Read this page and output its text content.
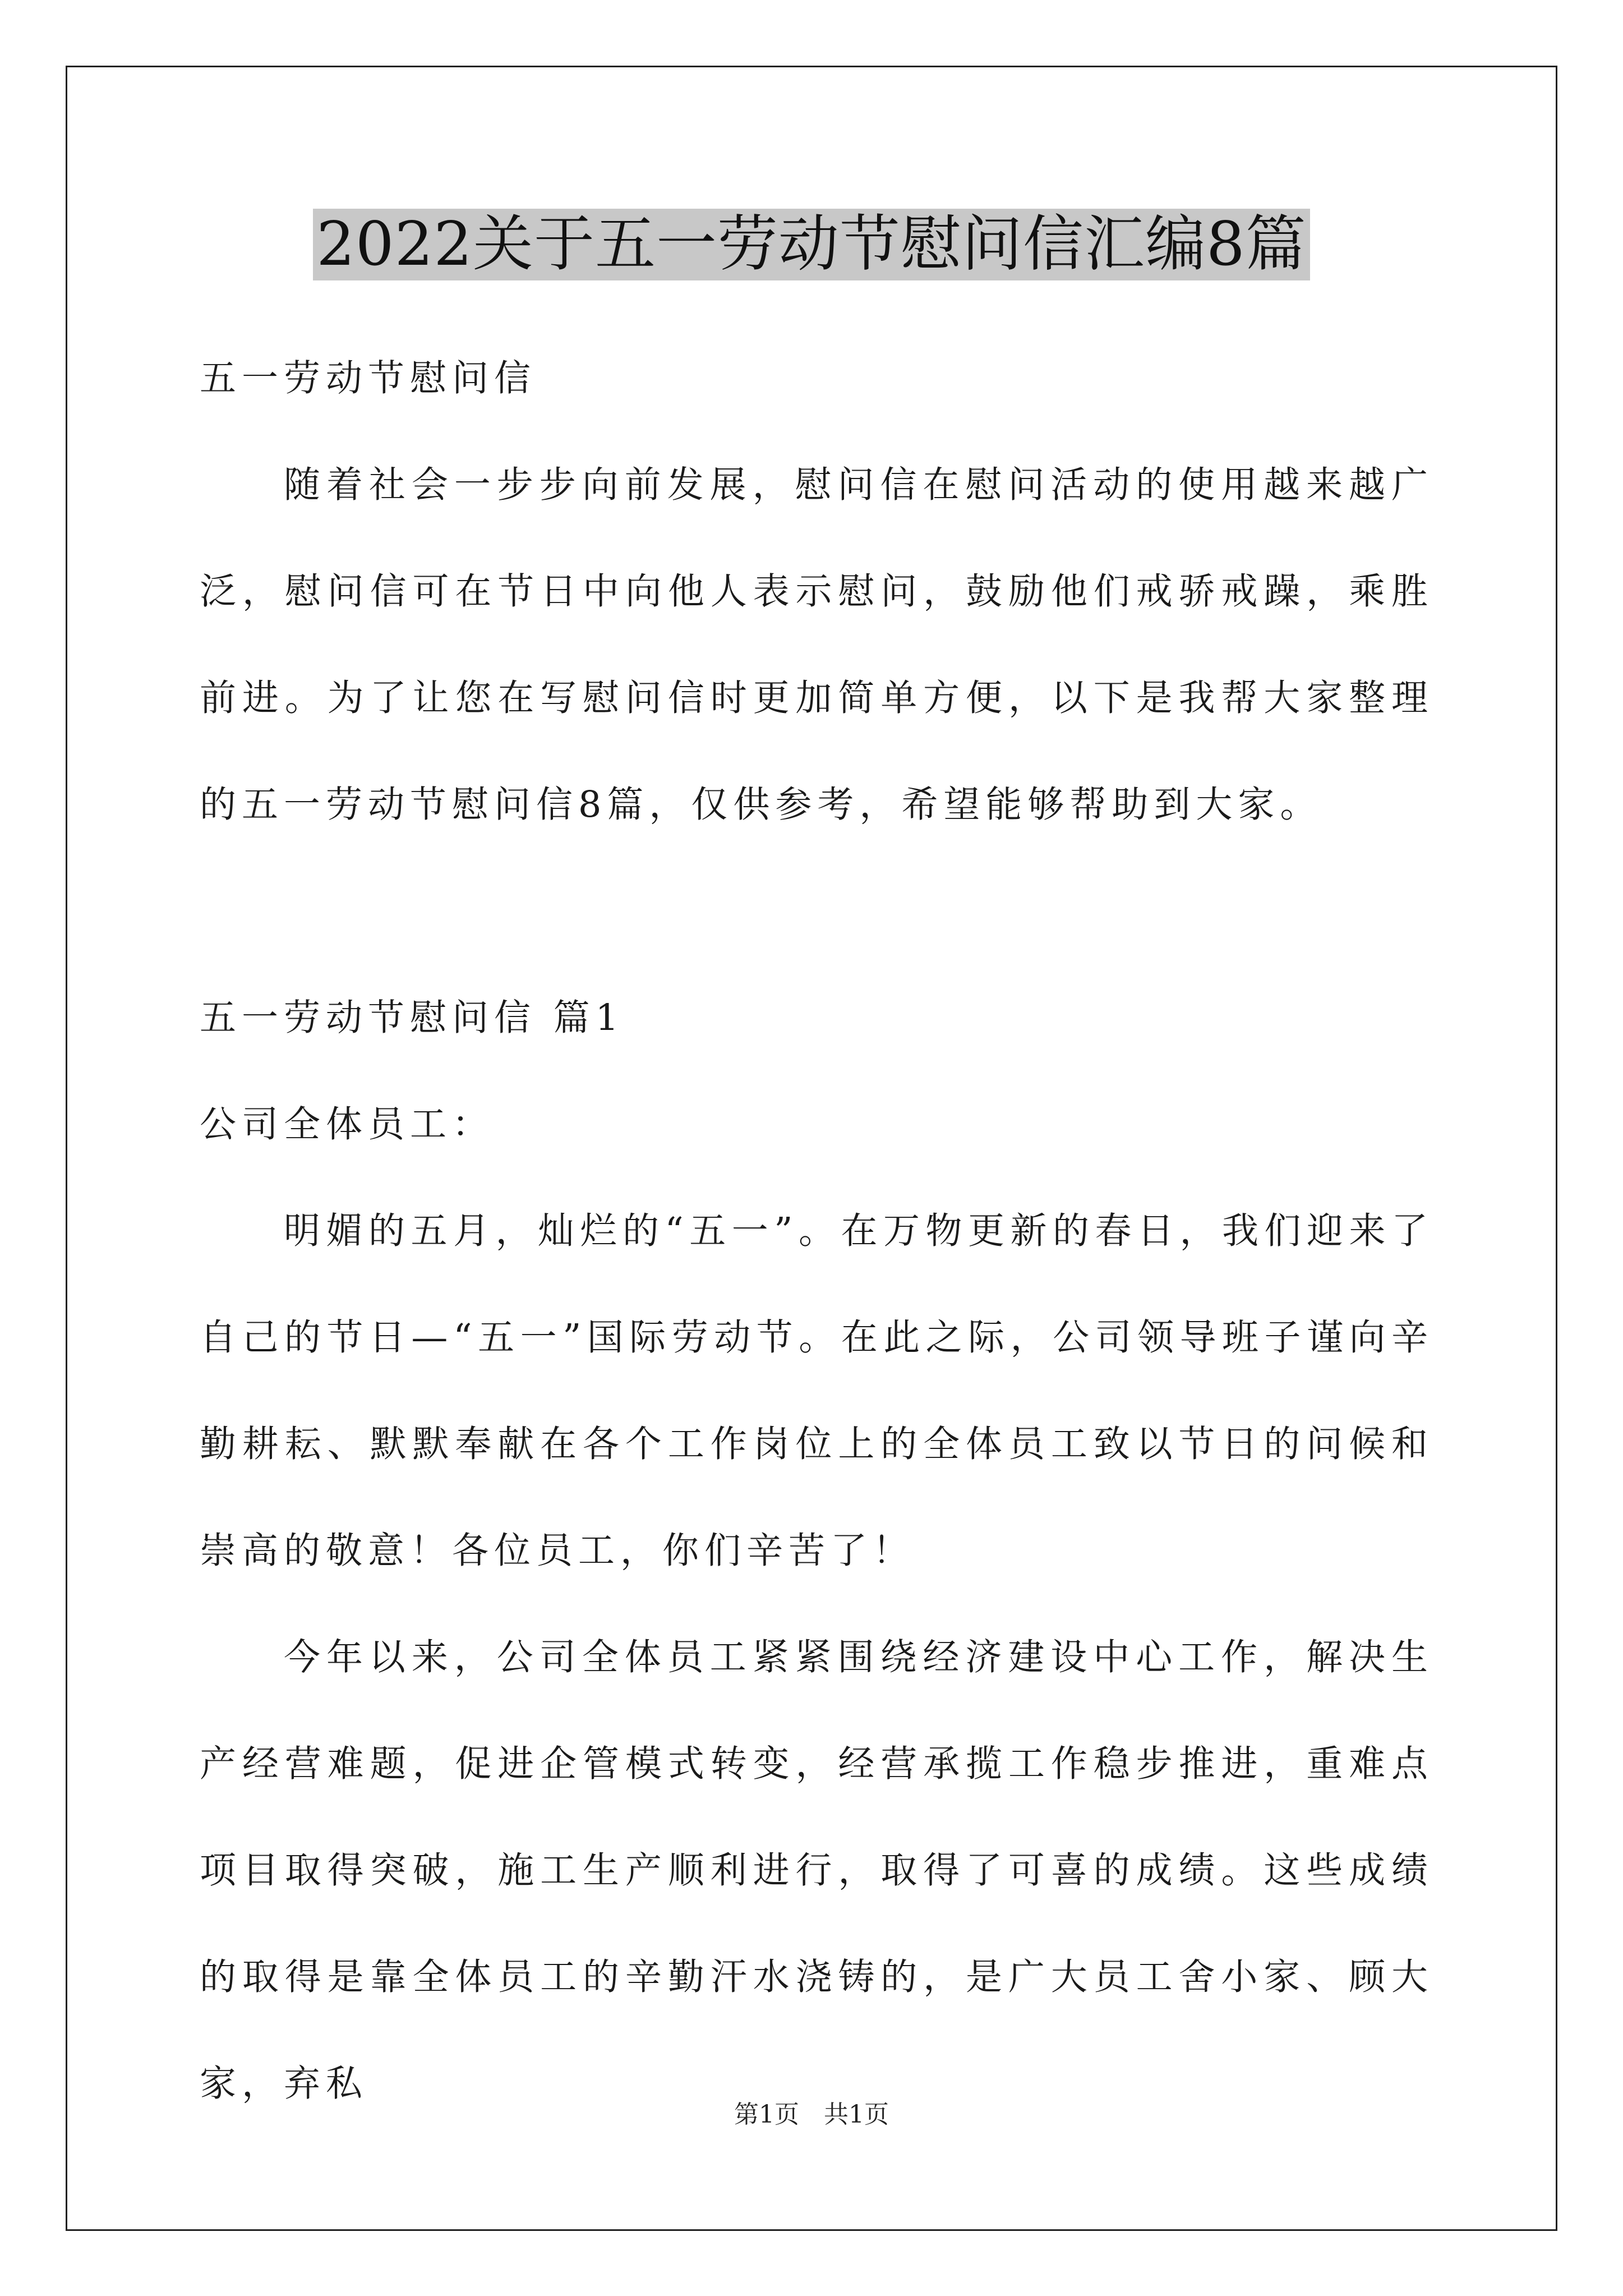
2022关于五一劳动节慰问信汇编8篇

五一劳动节慰问信

随着社会一步步向前发展，慰问信在慰问活动的使用越来越广泛，慰问信可在节日中向他人表示慰问，鼓励他们戒骄戒躁，乘胜前进。为了让您在写慰问信时更加简单方便，以下是我帮大家整理的五一劳动节慰问信8篇，仅供参考，希望能够帮助到大家。

五一劳动节慰问信 篇1

公司全体员工：

明媚的五月，灿烂的“五一”。在万物更新的春日，我们迎来了自己的节日—“五一”国际劳动节。在此之际，公司领导班子谨向辛勤耕耘、默默奉献在各个工作岗位上的全体员工致以节日的问候和崇高的敬意！各位员工，你们辛苦了！

今年以来，公司全体员工紧紧围绕经济建设中心工作，解决生产经营难题，促进企管模式转变，经营承揽工作稳步推进，重难点项目取得突破，施工生产顺利进行，取得了可喜的成绩。这些成绩的取得是靠全体员工的辛勤汗水浇铸的，是广大员工舍小家、顾大家，弃私

第1页 共1页
